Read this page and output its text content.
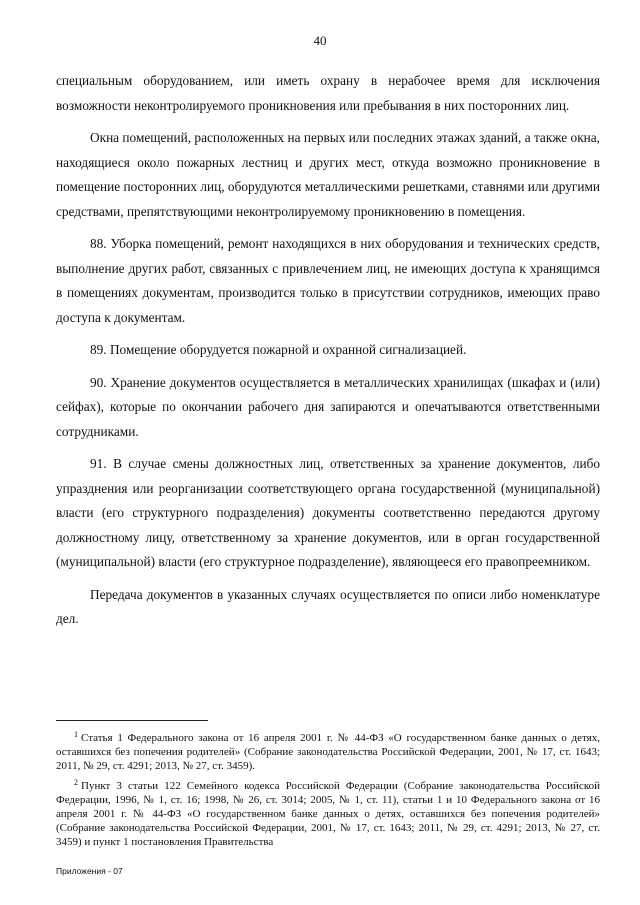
40

специальным оборудованием, или иметь охрану в нерабочее время для исключения возможности неконтролируемого проникновения или пребывания в них посторонних лиц.

Окна помещений, расположенных на первых или последних этажах зданий, а также окна, находящиеся около пожарных лестниц и других мест, откуда возможно проникновение в помещение посторонних лиц, оборудуются металлическими решетками, ставнями или другими средствами, препятствующими неконтролируемому проникновению в помещения.

88. Уборка помещений, ремонт находящихся в них оборудования и технических средств, выполнение других работ, связанных с привлечением лиц, не имеющих доступа к хранящимся в помещениях документам, производится только в присутствии сотрудников, имеющих право доступа к документам.

89. Помещение оборудуется пожарной и охранной сигнализацией.

90. Хранение документов осуществляется в металлических хранилищах (шкафах и (или) сейфах), которые по окончании рабочего дня запираются и опечатываются ответственными сотрудниками.

91. В случае смены должностных лиц, ответственных за хранение документов, либо упразднения или реорганизации соответствующего органа государственной (муниципальной) власти (его структурного подразделения) документы соответственно передаются другому должностному лицу, ответственному за хранение документов, или в орган государственной (муниципальной) власти (его структурное подразделение), являющееся его правопреемником.

Передача документов в указанных случаях осуществляется по описи либо номенклатуре дел.

$^1$ Статья 1 Федерального закона от 16 апреля 2001 г. № 44-ФЗ «О государственном банке данных о детях, оставшихся без попечения родителей» (Собрание законодательства Российской Федерации, 2001, № 17, ст. 1643; 2011, № 29, ст. 4291; 2013, № 27, ст. 3459).

$^2$ Пункт 3 статьи 122 Семейного кодекса Российской Федерации (Собрание законодательства Российской Федерации, 1996, № 1, ст. 16; 1998, № 26, ст. 3014; 2005, № 1, ст. 11), статьи 1 и 10 Федерального закона от 16 апреля 2001 г. № 44-ФЗ «О государственном банке данных о детях, оставшихся без попечения родителей» (Собрание законодательства Российской Федерации, 2001, № 17, ст. 1643; 2011, № 29, ст. 4291; 2013, № 27, ст. 3459) и пункт 1 постановления Правительства

Приложения - 07
